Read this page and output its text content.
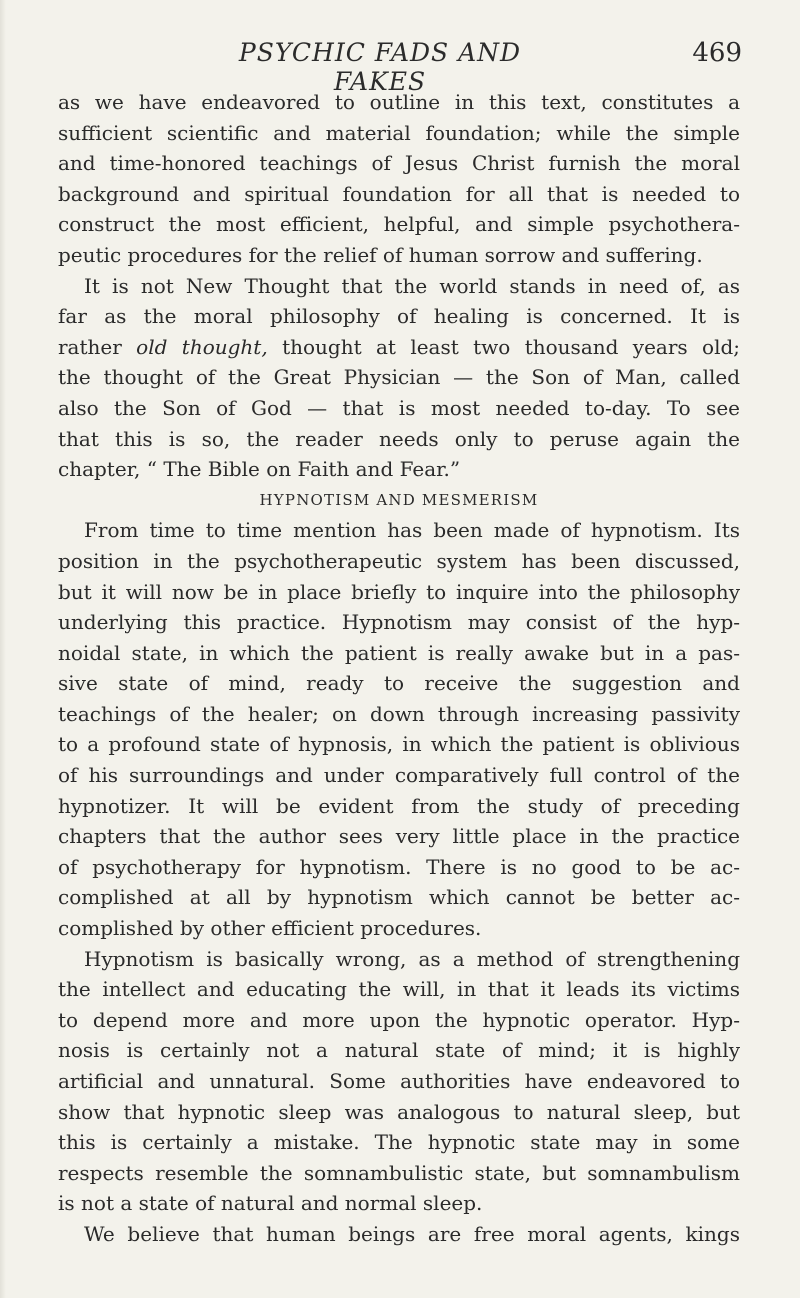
PSYCHIC FADS AND FAKES
469
as we have endeavored to outline in this text, constitutes a
sufficient scientific and material foundation; while the simple
and time-honored teachings of Jesus Christ furnish the moral
background and spiritual foundation for all that is needed to
construct the most efficient, helpful, and simple psychothera-
peutic procedures for the relief of human sorrow and suffering.
It is not New Thought that the world stands in need of, as
far as the moral philosophy of healing is concerned. It is
rather old thought, thought at least two thousand years old;
the thought of the Great Physician — the Son of Man, called
also the Son of God — that is most needed to-day. To see
that this is so, the reader needs only to peruse again the
chapter, “ The Bible on Faith and Fear.”
HYPNOTISM AND MESMERISM
From time to time mention has been made of hypnotism. Its
position in the psychotherapeutic system has been discussed,
but it will now be in place briefly to inquire into the philosophy
underlying this practice. Hypnotism may consist of the hyp-
noidal state, in which the patient is really awake but in a pas-
sive state of mind, ready to receive the suggestion and
teachings of the healer; on down through increasing passivity
to a profound state of hypnosis, in which the patient is oblivious
of his surroundings and under comparatively full control of the
hypnotizer. It will be evident from the study of preceding
chapters that the author sees very little place in the practice
of psychotherapy for hypnotism. There is no good to be ac-
complished at all by hypnotism which cannot be better ac-
complished by other efficient procedures.
Hypnotism is basically wrong, as a method of strengthening
the intellect and educating the will, in that it leads its victims
to depend more and more upon the hypnotic operator. Hyp-
nosis is certainly not a natural state of mind; it is highly
artificial and unnatural. Some authorities have endeavored to
show that hypnotic sleep was analogous to natural sleep, but
this is certainly a mistake. The hypnotic state may in some
respects resemble the somnambulistic state, but somnambulism
is not a state of natural and normal sleep.
We believe that human beings are free moral agents, kings
